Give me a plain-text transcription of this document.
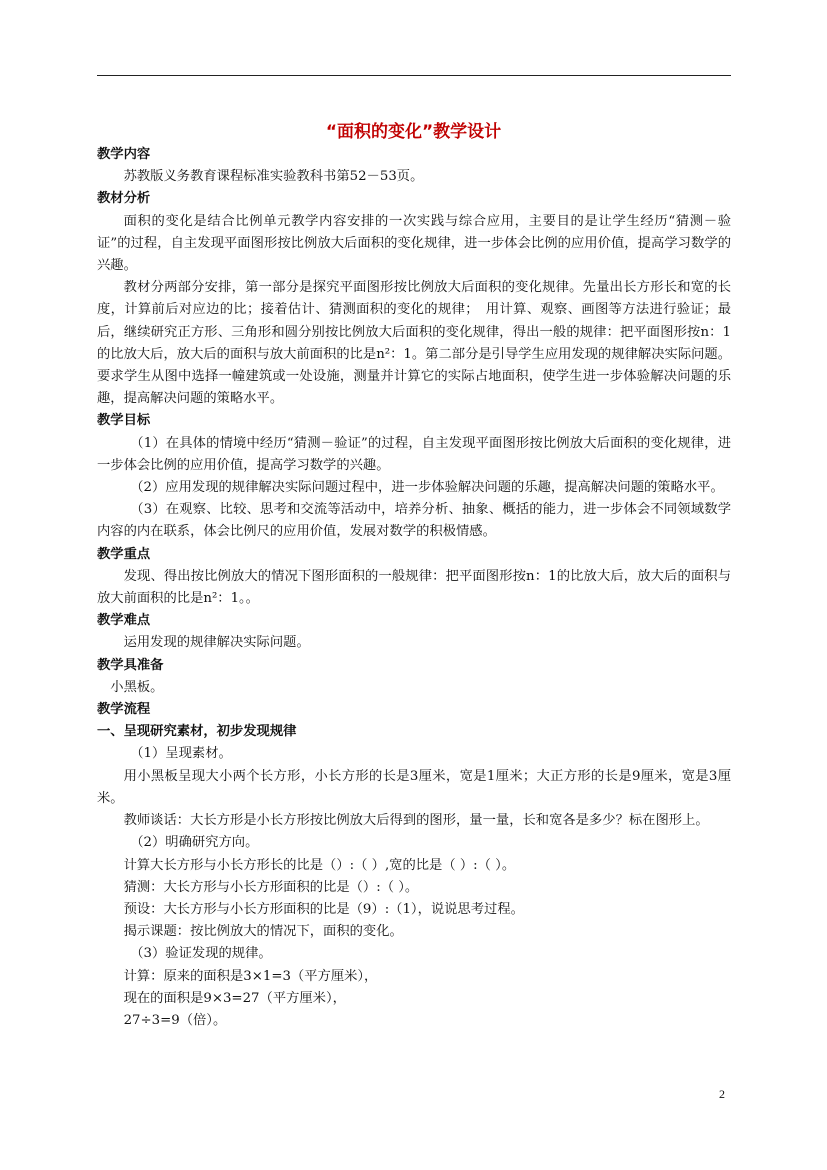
“面积的变化”教学设计
教学内容
苏教版义务教育课程标准实验教科书第52－53页。
教材分析
面积的变化是结合比例单元教学内容安排的一次实践与综合应用，主要目的是让学生经历“猜测－验证”的过程，自主发现平面图形按比例放大后面积的变化规律，进一步体会比例的应用价值，提高学习数学的兴趣。
教材分两部分安排，第一部分是探究平面图形按比例放大后面积的变化规律。先量出长方形长和宽的长度，计算前后对应边的比；接着估计、猜测面积的变化的规律；　用计算、观察、画图等方法进行验证；最后，继续研究正方形、三角形和圆分别按比例放大后面积的变化规律，得出一般的规律：把平面图形按n：1的比放大后，放大后的面积与放大前面积的比是n²：1。第二部分是引导学生应用发现的规律解决实际问题。要求学生从图中选择一幢建筑或一处设施，测量并计算它的实际占地面积，使学生进一步体验解决问题的乐趣，提高解决问题的策略水平。
教学目标
（1）在具体的情境中经历“猜测－验证”的过程，自主发现平面图形按比例放大后面积的变化规律，进一步体会比例的应用价值，提高学习数学的兴趣。
（2）应用发现的规律解决实际问题过程中，进一步体验解决问题的乐趣，提高解决问题的策略水平。
（3）在观察、比较、思考和交流等活动中，培养分析、抽象、概括的能力，进一步体会不同领域数学内容的内在联系，体会比例尺的应用价值，发展对数学的积极情感。
教学重点
发现、得出按比例放大的情况下图形面积的一般规律：把平面图形按n：1的比放大后，放大后的面积与放大前面积的比是n²：1。。
教学难点
运用发现的规律解决实际问题。
教学具准备
小黑板。
教学流程
一、呈现研究素材，初步发现规律
（1）呈现素材。
用小黑板呈现大小两个长方形，小长方形的长是3厘米，宽是1厘米；大正方形的长是9厘米，宽是3厘米。
教师谈话：大长方形是小长方形按比例放大后得到的图形，量一量，长和宽各是多少？标在图形上。
（2）明确研究方向。
计算大长方形与小长方形长的比是（）:（ ）,宽的比是（ ）:（ ）。
猜测：大长方形与小长方形面积的比是（）:（ ）。
预设：大长方形与小长方形面积的比是（9）:（1），说说思考过程。
揭示课题：按比例放大的情况下，面积的变化。
（3）验证发现的规律。
计算：原来的面积是3×1=3（平方厘米），
现在的面积是9×3=27（平方厘米），
27÷3=9（倍）。
2
